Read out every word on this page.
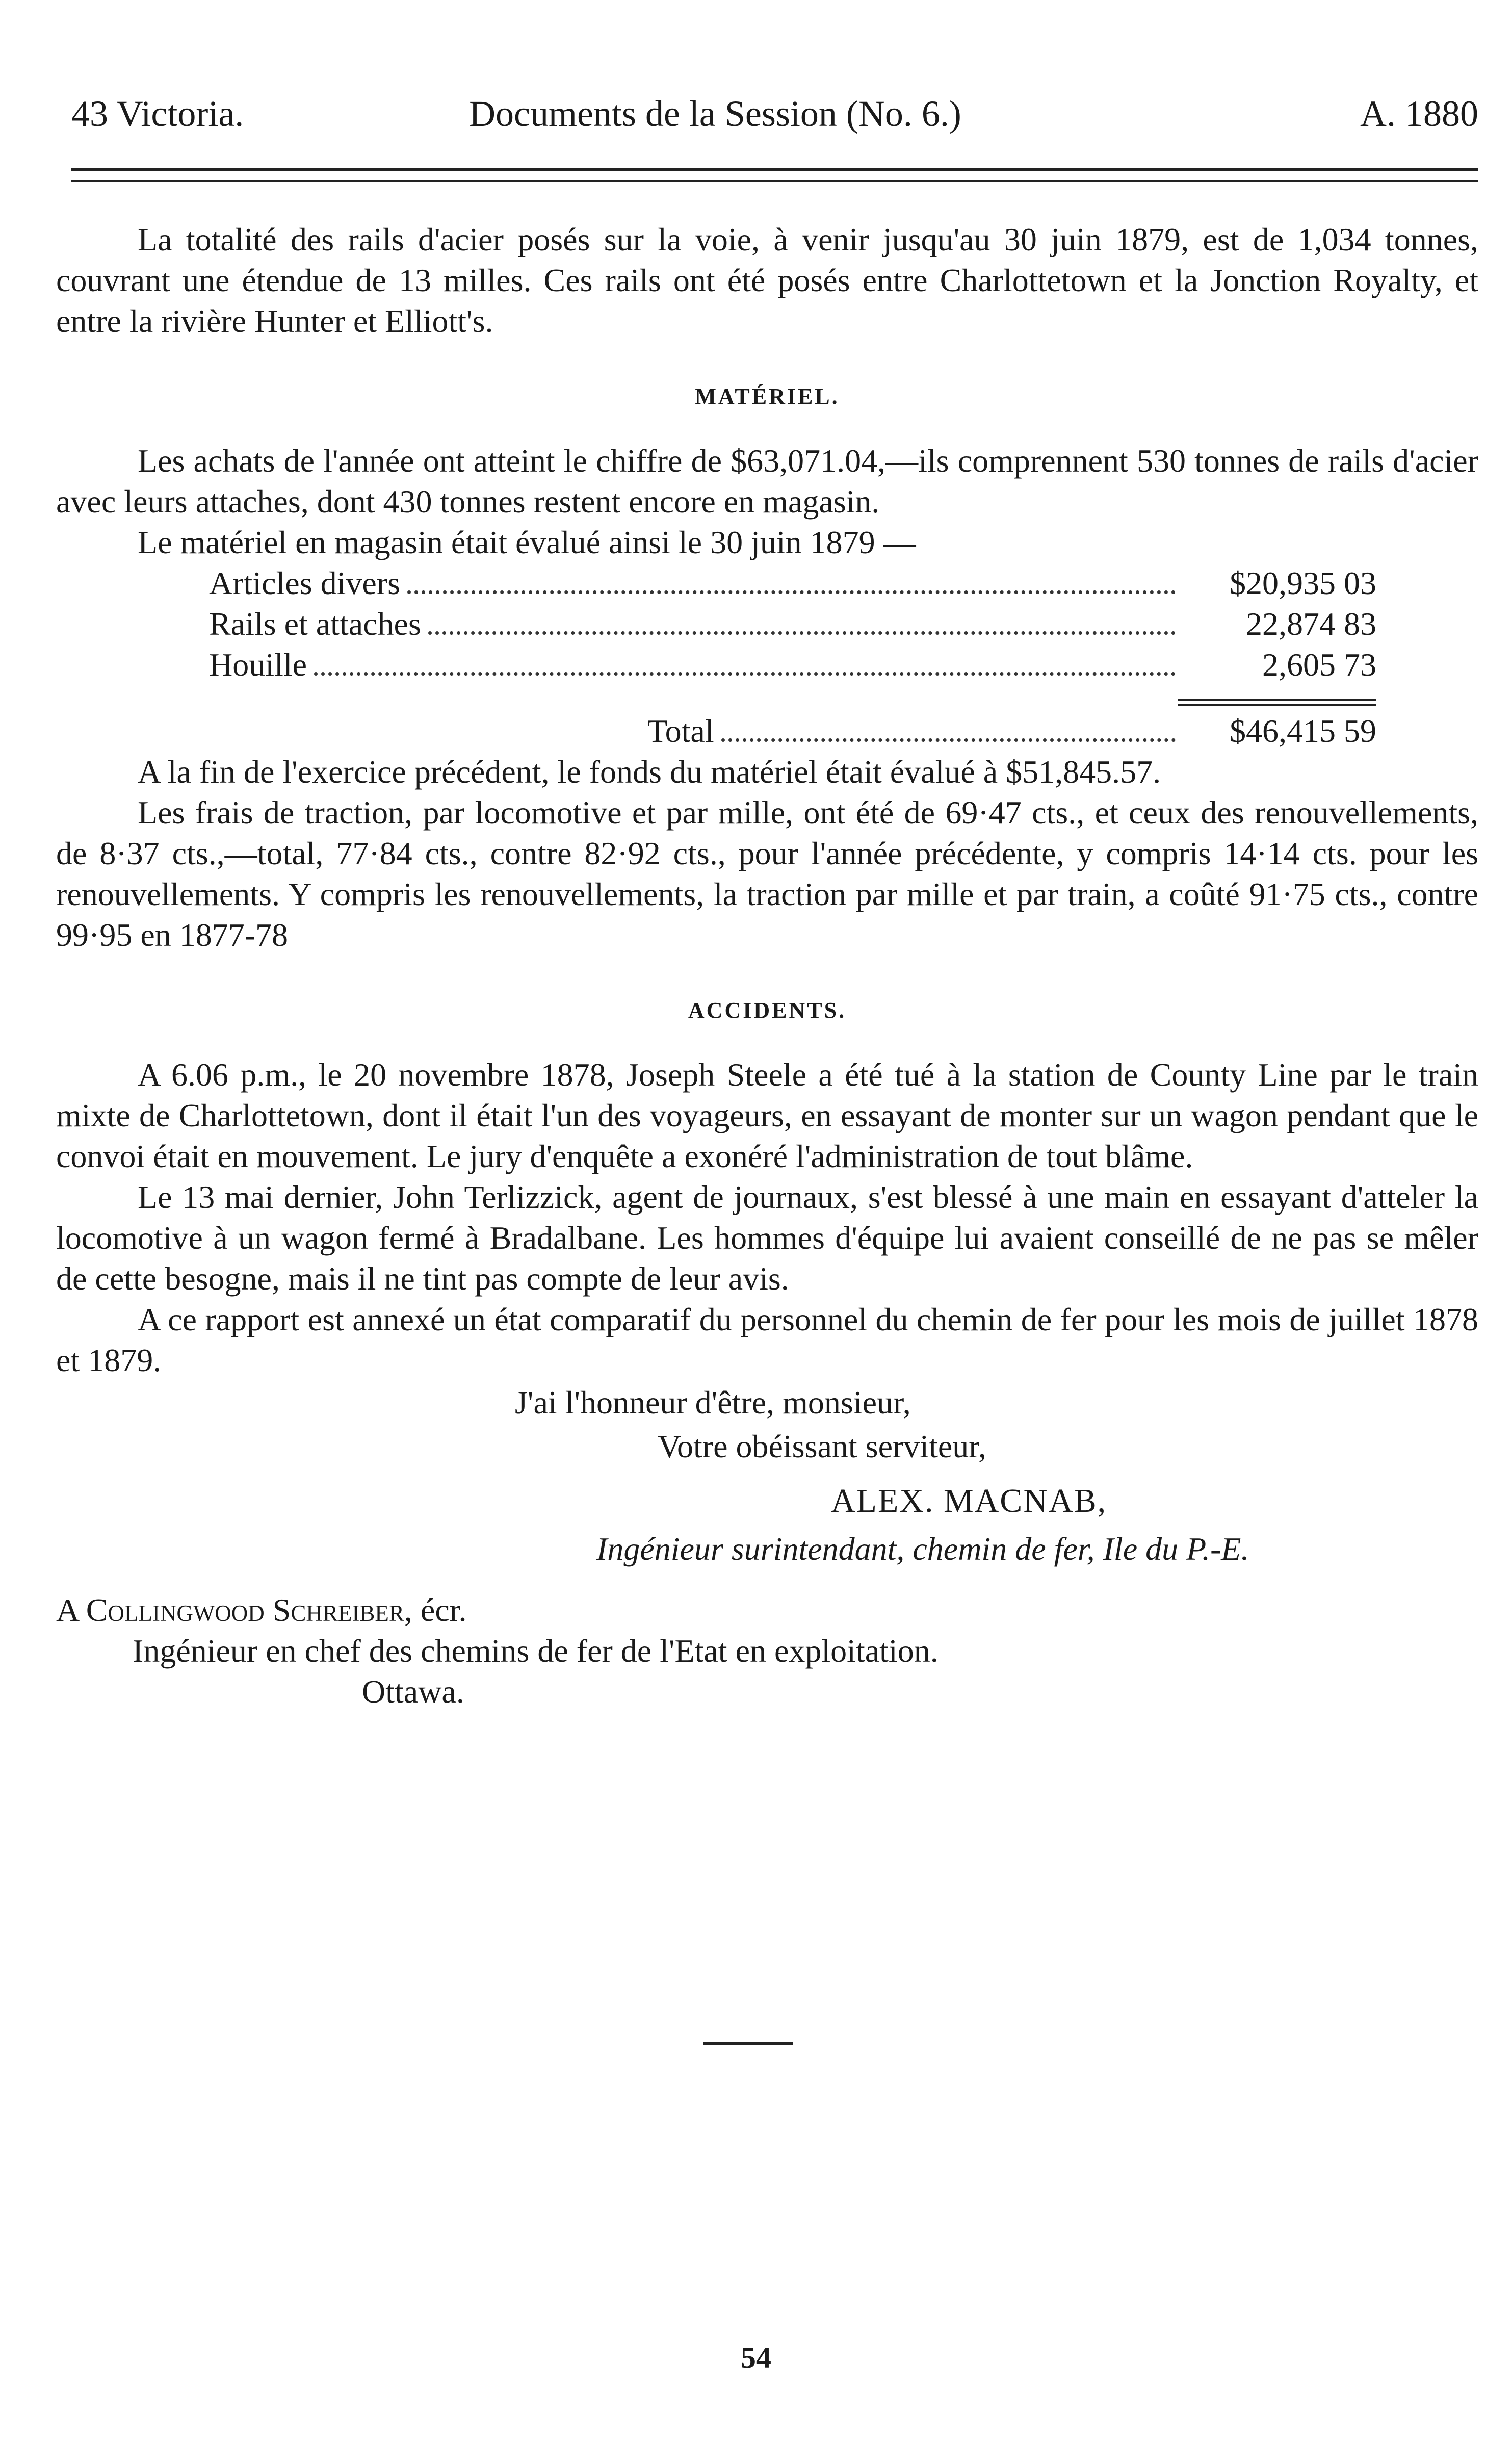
43 Victoria.	Documents de la Session (No. 6.)	A. 1880

La totalité des rails d'acier posés sur la voie, à venir jusqu'au 30 juin 1879, est de 1,034 tonnes, couvrant une étendue de 13 milles. Ces rails ont été posés entre Charlottetown et la Jonction Royalty, et entre la rivière Hunter et Elliott's.

MATÉRIEL.

Les achats de l'année ont atteint le chiffre de $63,071.04,—ils comprennent 530 tonnes de rails d'acier avec leurs attaches, dont 430 tonnes restent encore en magasin.

Le matériel en magasin était évalué ainsi le 30 juin 1879 —

Articles divers	$20,935 03
Rails et attaches	22,874 83
Houille	2,605 73
Total	$46,415 59

A la fin de l'exercice précédent, le fonds du matériel était évalué à $51,845.57.

Les frais de traction, par locomotive et par mille, ont été de 69·47 cts., et ceux des renouvellements, de 8·37 cts.,—total, 77·84 cts., contre 82·92 cts., pour l'année précédente, y compris 14·14 cts. pour les renouvellements. Y compris les renouvellements, la traction par mille et par train, a coûté 91·75 cts., contre 99·95 en 1877-78

ACCIDENTS.

A 6.06 p.m., le 20 novembre 1878, Joseph Steele a été tué à la station de County Line par le train mixte de Charlottetown, dont il était l'un des voyageurs, en essayant de monter sur un wagon pendant que le convoi était en mouvement. Le jury d'enquête a exonéré l'administration de tout blâme.

Le 13 mai dernier, John Terlizzick, agent de journaux, s'est blessé à une main en essayant d'atteler la locomotive à un wagon fermé à Bradalbane. Les hommes d'équipe lui avaient conseillé de ne pas se mêler de cette besogne, mais il ne tint pas compte de leur avis.

A ce rapport est annexé un état comparatif du personnel du chemin de fer pour les mois de juillet 1878 et 1879.

J'ai l'honneur d'être, monsieur,
Votre obéissant serviteur,
ALEX. MACNAB,
Ingénieur surintendant, chemin de fer, Ile du P.-E.
A Collingwood Schreiber, écr.
Ingénieur en chef des chemins de fer de l'Etat en exploitation.
Ottawa.
54
